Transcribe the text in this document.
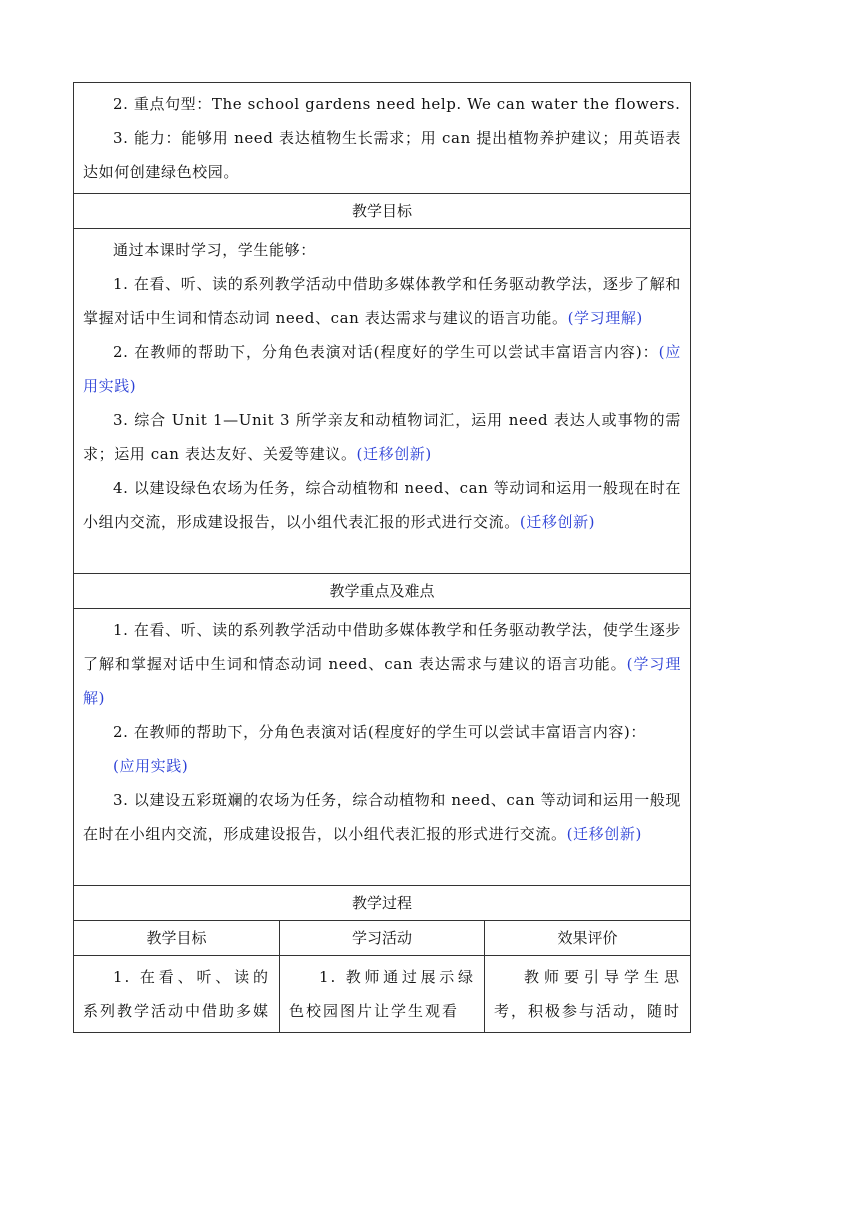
2. 重点句型：The school gardens need help. We can water the flowers.

3. 能力：能够用 need 表达植物生长需求；用 can 提出植物养护建议；用英语表达如何创建绿色校园。		

教学目标		

通过本课时学习，学生能够：

1. 在看、听、读的系列教学活动中借助多媒体教学和任务驱动教学法，逐步了解和掌握对话中生词和情态动词 need、can 表达需求与建议的语言功能。(学习理解)

2. 在教师的帮助下，分角色表演对话(程度好的学生可以尝试丰富语言内容)：(应用实践)

3. 综合 Unit 1—Unit 3 所学亲友和动植物词汇，运用 need 表达人或事物的需求；运用 can 表达友好、关爱等建议。(迁移创新)

4. 以建设绿色农场为任务，综合动植物和 need、can 等动词和运用一般现在时在小组内交流，形成建设报告，以小组代表汇报的形式进行交流。(迁移创新)		

教学重点及难点		

1. 在看、听、读的系列教学活动中借助多媒体教学和任务驱动教学法，使学生逐步了解和掌握对话中生词和情态动词 need、can 表达需求与建议的语言功能。(学习理解)

2. 在教师的帮助下，分角色表演对话(程度好的学生可以尝试丰富语言内容)：

(应用实践)

3. 以建设五彩斑斓的农场为任务，综合动植物和 need、can 等动词和运用一般现在时在小组内交流，形成建设报告，以小组代表汇报的形式进行交流。(迁移创新)		

教学过程		
教学目标	学习活动	效果评价

1. 在看、听、读的系列教学活动中借助多媒	1. 教师通过展示绿色校园图片让学生观看	教师要引导学生思考，积极参与活动，随时
